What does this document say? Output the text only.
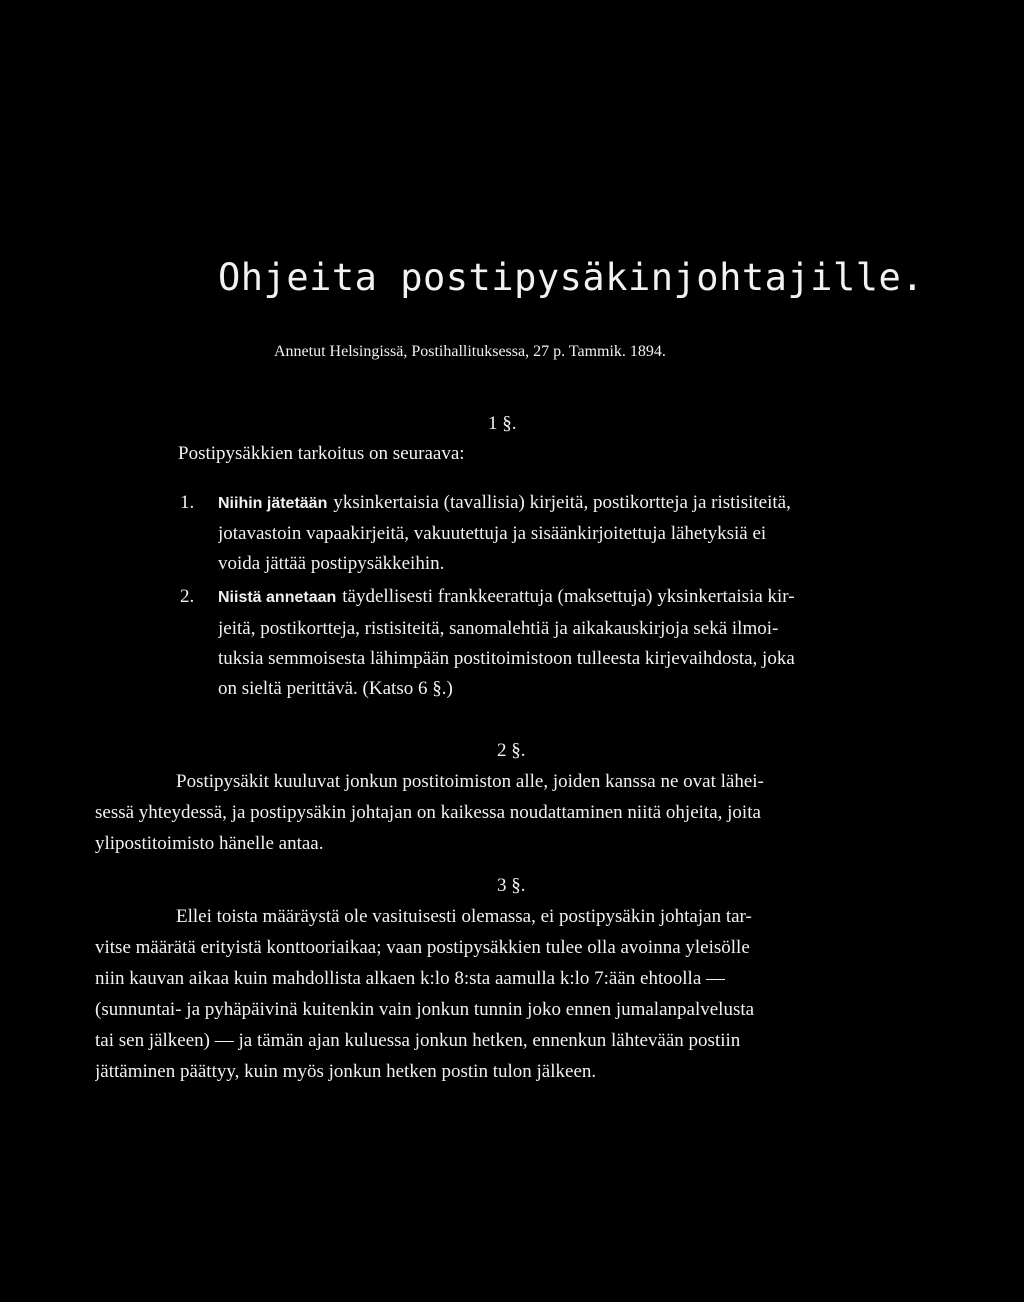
Ohjeita postipysäkinjohtajille.
Annetut Helsingissä, Postihallituksessa, 27 p. Tammik. 1894.
1 §.
Postipysäkkien tarkoitus on seuraava:
1. Niihin jätetään yksinkertaisia (tavallisia) kirjeitä, postikortteja ja ristisiteitä,
jotavastoin vapaakirjeitä, vakuutettuja ja sisäänkirjoitettuja lähetyksiä ei
voida jättää postipysäkkeihin.
2. Niistä annetaan täydellisesti frankkeerattuja (maksettuja) yksinkertaisia kir-
jeitä, postikortteja, ristisiteitä, sanomalehtiä ja aikakauskirjoja sekä ilmoi-
tuksia semmoisesta lähimpään postitoimistoon tulleesta kirjevaihdosta, joka
on sieltä perittävä. (Katso 6 §.)
2 §.
Postipysäkit kuuluvat jonkun postitoimiston alle, joiden kanssa ne ovat lähei-
sessä yhteydessä, ja postipysäkin johtajan on kaikessa noudattaminen niitä ohjeita, joita
ylipostitoimisto hänelle antaa.
3 §.
Ellei toista määräystä ole vasituisesti olemassa, ei postipysäkin johtajan tar-
vitse määrätä erityistä konttooriaikaa; vaan postipysäkkien tulee olla avoinna yleisölle
niin kauvan aikaa kuin mahdollista alkaen k:lo 8:sta aamulla k:lo 7:ään ehtoolla —
(sunnuntai- ja pyhäpäivinä kuitenkin vain jonkun tunnin joko ennen jumalanpalvelusta
tai sen jälkeen) — ja tämän ajan kuluessa jonkun hetken, ennenkun lähtevään postiin
jättäminen päättyy, kuin myös jonkun hetken postin tulon jälkeen.
